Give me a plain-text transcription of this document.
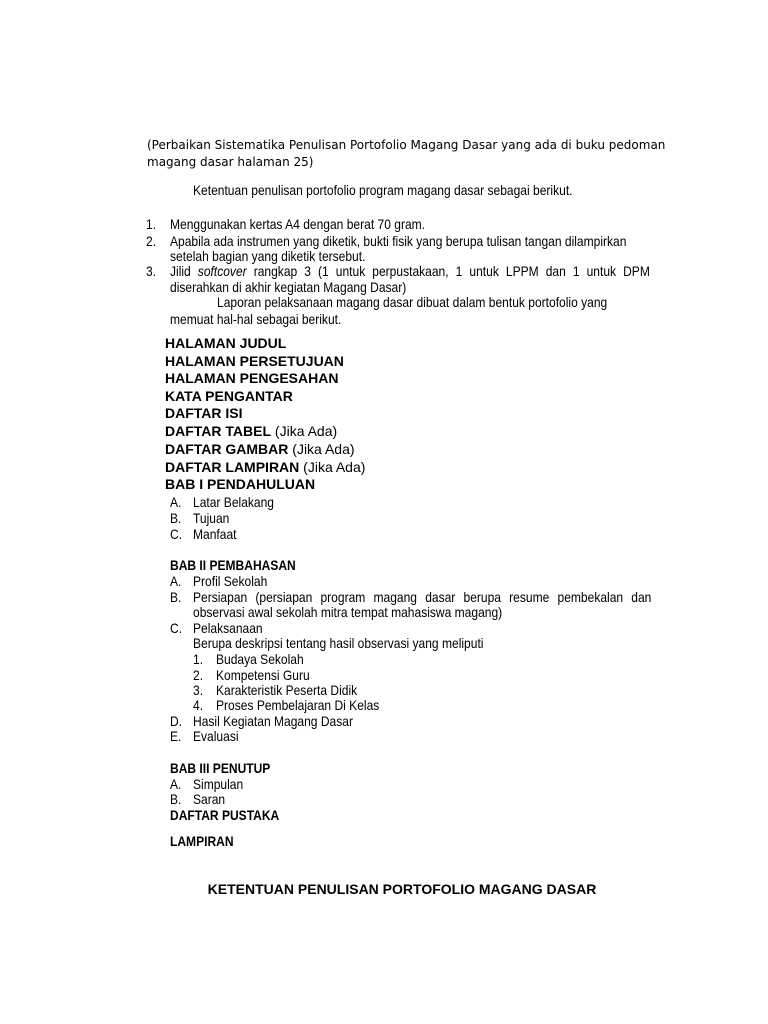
(Perbaikan Sistematika Penulisan Portofolio Magang Dasar yang ada di buku pedoman
magang dasar halaman 25)
Ketentuan penulisan portofolio program magang dasar sebagai berikut.
1. Menggunakan kertas A4 dengan berat 70 gram.
2. Apabila ada instrumen yang diketik, bukti fisik yang berupa tulisan tangan dilampirkan
setelah bagian yang diketik tersebut.
3. Jilid softcover rangkap 3 (1 untuk perpustakaan, 1 untuk LPPM dan 1 untuk DPM
diserahkan di akhir kegiatan Magang Dasar)
Laporan pelaksanaan magang dasar dibuat dalam bentuk portofolio yang
memuat hal-hal sebagai berikut.
HALAMAN JUDUL
HALAMAN PERSETUJUAN
HALAMAN PENGESAHAN
KATA PENGANTAR
DAFTAR ISI
DAFTAR TABEL (Jika Ada)
DAFTAR GAMBAR (Jika Ada)
DAFTAR LAMPIRAN (Jika Ada)
BAB I PENDAHULUAN
A. Latar Belakang
B. Tujuan
C. Manfaat
BAB II PEMBAHASAN
A. Profil Sekolah
B. Persiapan (persiapan program magang dasar berupa resume pembekalan dan
observasi awal sekolah mitra tempat mahasiswa magang)
C. Pelaksanaan
Berupa deskripsi tentang hasil observasi yang meliputi
1. Budaya Sekolah
2. Kompetensi Guru
3. Karakteristik Peserta Didik
4. Proses Pembelajaran Di Kelas
D. Hasil Kegiatan Magang Dasar
E. Evaluasi
BAB III PENUTUP
A. Simpulan
B. Saran
DAFTAR PUSTAKA
LAMPIRAN
KETENTUAN PENULISAN PORTOFOLIO MAGANG DASAR
